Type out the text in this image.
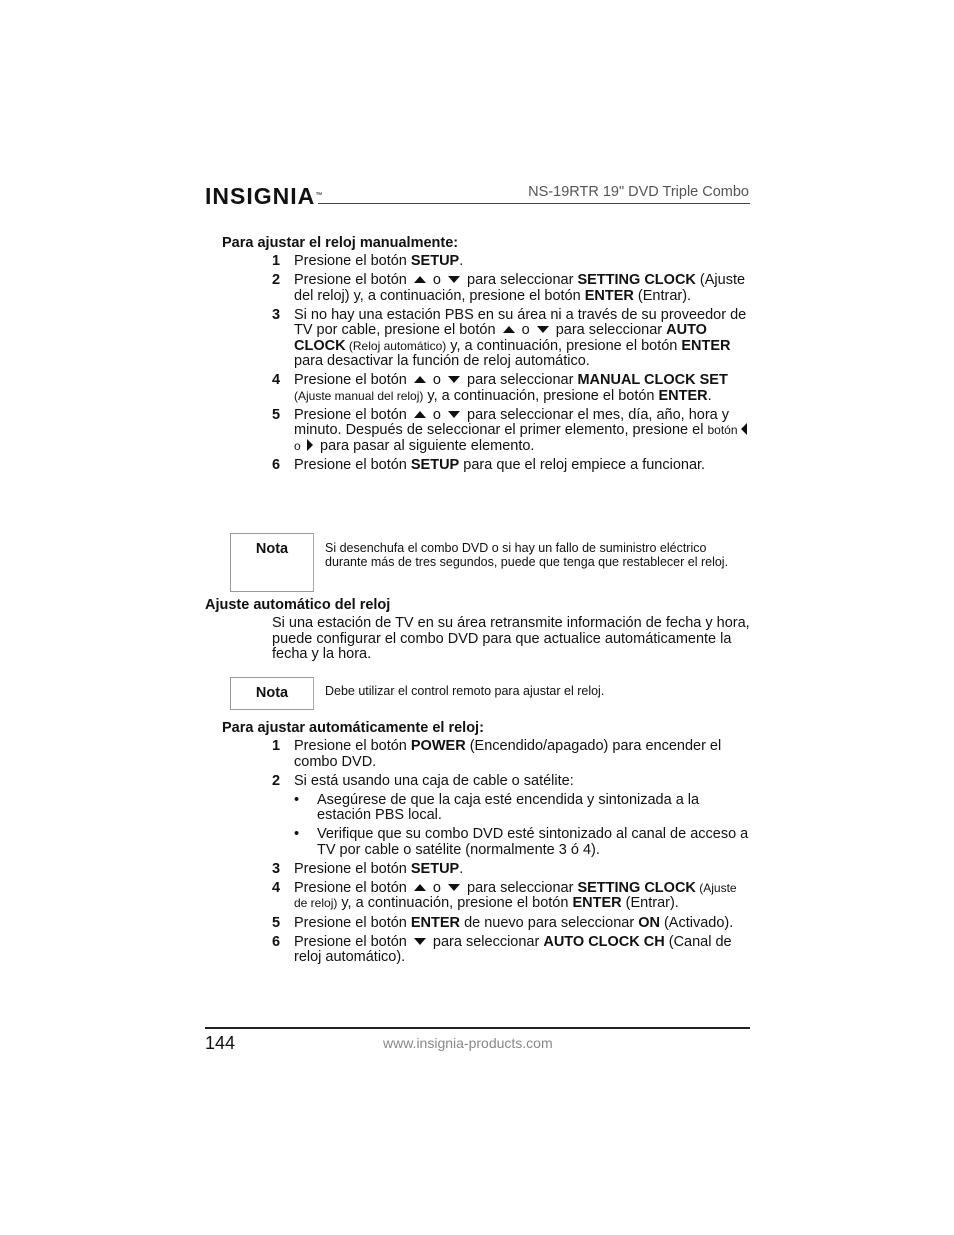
INSIGNIA™	NS-19RTR 19" DVD Triple Combo
Para ajustar el reloj manualmente:
1 Presione el botón SETUP.
2 Presione el botón  o  para seleccionar SETTING CLOCK (Ajuste del reloj) y, a continuación, presione el botón ENTER (Entrar).
3 Si no hay una estación PBS en su área ni a través de su proveedor de TV por cable, presione el botón  o  para seleccionar AUTO CLOCK (Reloj automático) y, a continuación, presione el botón ENTER para desactivar la función de reloj automático.
4 Presione el botón  o  para seleccionar MANUAL CLOCK SET (Ajuste manual del reloj) y, a continuación, presione el botón ENTER.
5 Presione el botón  o  para seleccionar el mes, día, año, hora y minuto. Después de seleccionar el primer elemento, presione el botón o  para pasar al siguiente elemento.
6 Presione el botón SETUP para que el reloj empiece a funcionar.
Nota	Si desenchufa el combo DVD o si hay un fallo de suministro eléctrico durante más de tres segundos, puede que tenga que restablecer el reloj.
Ajuste automático del reloj
Si una estación de TV en su área retransmite información de fecha y hora, puede configurar el combo DVD para que actualice automáticamente la fecha y la hora.
Nota	Debe utilizar el control remoto para ajustar el reloj.
Para ajustar automáticamente el reloj:
1 Presione el botón POWER (Encendido/apagado) para encender el combo DVD.
2 Si está usando una caja de cable o satélite:
• Asegúrese de que la caja esté encendida y sintonizada a la estación PBS local.
• Verifique que su combo DVD esté sintonizado al canal de acceso a TV por cable o satélite (normalmente 3 ó 4).
3 Presione el botón SETUP.
4 Presione el botón  o  para seleccionar SETTING CLOCK (Ajuste de reloj) y, a continuación, presione el botón ENTER (Entrar).
5 Presione el botón ENTER de nuevo para seleccionar ON (Activado).
6 Presione el botón  para seleccionar AUTO CLOCK CH (Canal de reloj automático).
144	www.insignia-products.com
